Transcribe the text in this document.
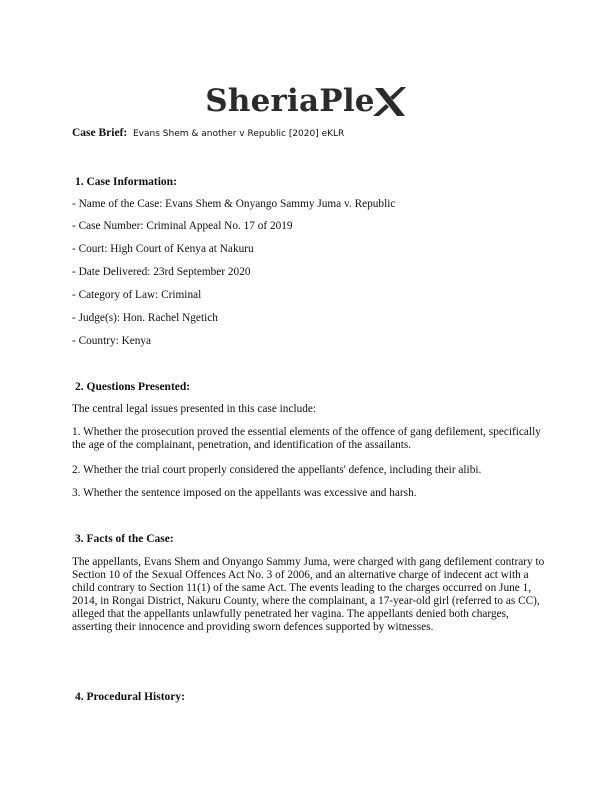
SheriaPle
Case Brief: Evans Shem & another v Republic [2020] eKLR
1. Case Information:
- Name of the Case: Evans Shem & Onyango Sammy Juma v. Republic
- Case Number: Criminal Appeal No. 17 of 2019
- Court: High Court of Kenya at Nakuru
- Date Delivered: 23rd September 2020
- Category of Law: Criminal
- Judge(s): Hon. Rachel Ngetich
- Country: Kenya
2. Questions Presented:
The central legal issues presented in this case include:
1. Whether the prosecution proved the essential elements of the offence of gang defilement, specifically the age of the complainant, penetration, and identification of the assailants.
2. Whether the trial court properly considered the appellants' defence, including their alibi.
3. Whether the sentence imposed on the appellants was excessive and harsh.
3. Facts of the Case:
The appellants, Evans Shem and Onyango Sammy Juma, were charged with gang defilement contrary to Section 10 of the Sexual Offences Act No. 3 of 2006, and an alternative charge of indecent act with a child contrary to Section 11(1) of the same Act. The events leading to the charges occurred on June 1, 2014, in Rongai District, Nakuru County, where the complainant, a 17-year-old girl (referred to as CC), alleged that the appellants unlawfully penetrated her vagina. The appellants denied both charges, asserting their innocence and providing sworn defences supported by witnesses.
4. Procedural History:
